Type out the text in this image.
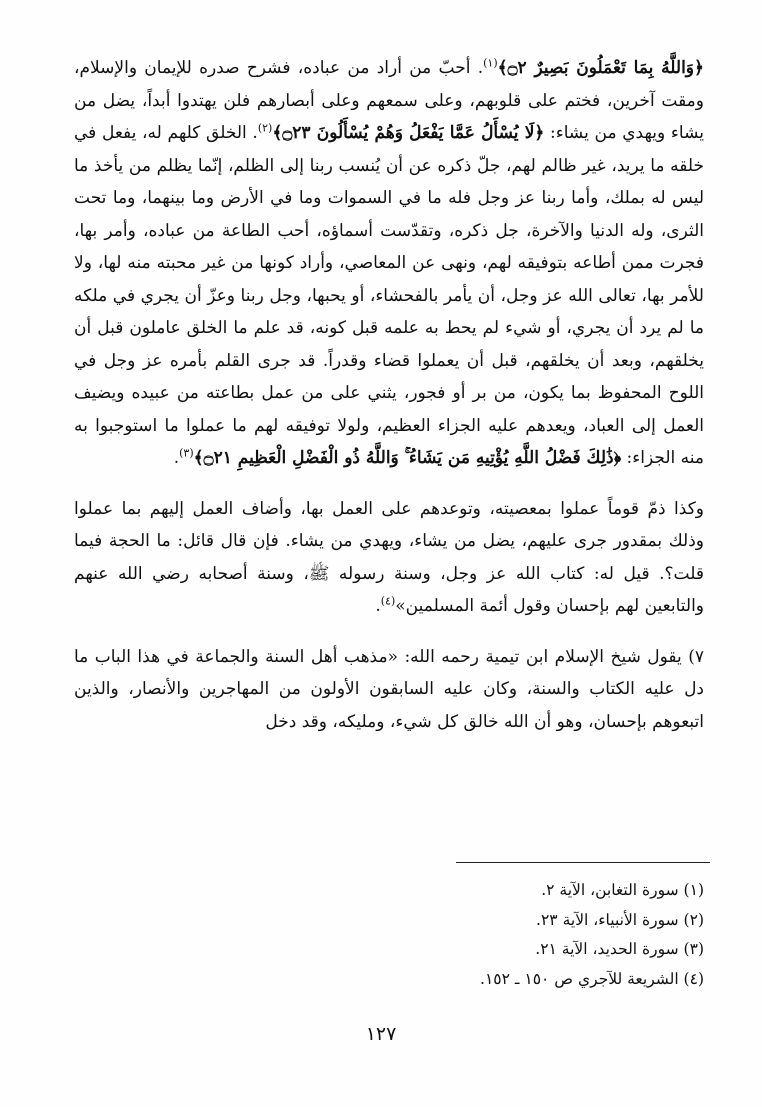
﴿وَاللَّهُ بِمَا تَعْمَلُونَ بَصِيرٌ ۝٢﴾$^{(١)}$. أحبّ من أراد من عباده، فشرح صدره للإيمان والإسلام، ومقت آخرين، فختم على قلوبهم، وعلى سمعهم وعلى أبصارهم فلن يهتدوا أبداً، يضل من يشاء ويهدي من يشاء: ﴿لَا يُسْأَلُ عَمَّا يَفْعَلُ وَهُمْ يُسْأَلُونَ ۝٢٣﴾$^{(٢)}$. الخلق كلهم له، يفعل في خلقه ما يريد، غير ظالم لهم، جلّ ذكره عن أن يُنسب ربنا إلى الظلم، إنّما يظلم من يأخذ ما ليس له بملك، وأما ربنا عز وجل فله ما في السموات وما في الأرض وما بينهما، وما تحت الثرى، وله الدنيا والآخرة، جل ذكره، وتقدّست أسماؤه، أحب الطاعة من عباده، وأمر بها، فجرت ممن أطاعه بتوفيقه لهم، ونهى عن المعاصي، وأراد كونها من غير محبته منه لها، ولا للأمر بها، تعالى الله عز وجل، أن يأمر بالفحشاء، أو يحبها، وجل ربنا وعزّ أن يجري في ملكه ما لم يرد أن يجري، أو شيء لم يحط به علمه قبل كونه، قد علم ما الخلق عاملون قبل أن يخلقهم، وبعد أن يخلقهم، قبل أن يعملوا قضاء وقدراً. قد جرى القلم بأمره عز وجل في اللوح المحفوظ بما يكون، من بر أو فجور، يثني على من عمل بطاعته من عبيده ويضيف العمل إلى العباد، ويعدهم عليه الجزاء العظيم، ولولا توفيقه لهم ما عملوا ما استوجبوا به منه الجزاء: ﴿ذَٰلِكَ فَضْلُ اللَّهِ يُؤْتِيهِ مَن يَشَاءُ ۚ وَاللَّهُ ذُو الْفَضْلِ الْعَظِيمِ ۝٢١﴾$^{(٣)}$.

وكذا ذمّ قوماً عملوا بمعصيته، وتوعدهم على العمل بها، وأضاف العمل إليهم بما عملوا وذلك بمقدور جرى عليهم، يضل من يشاء، ويهدي من يشاء. فإن قال قائل: ما الحجة فيما قلت؟. قيل له: كتاب الله عز وجل، وسنة رسوله ﷺ، وسنة أصحابه رضي الله عنهم والتابعين لهم بإحسان وقول أئمة المسلمين»$^{(٤)}$.

٧) يقول شيخ الإسلام ابن تيمية رحمه الله: «مذهب أهل السنة والجماعة في هذا الباب ما دل عليه الكتاب والسنة، وكان عليه السابقون الأولون من المهاجرين والأنصار، والذين اتبعوهم بإحسان، وهو أن الله خالق كل شيء، ومليكه، وقد دخل

(١) سورة التغابن، الآية ٢.
(٢) سورة الأنبياء، الآية ٢٣.
(٣) سورة الحديد، الآية ٢١.
(٤) الشريعة للآجري ص ١٥٠ ـ ١٥٢.
١٢٧
